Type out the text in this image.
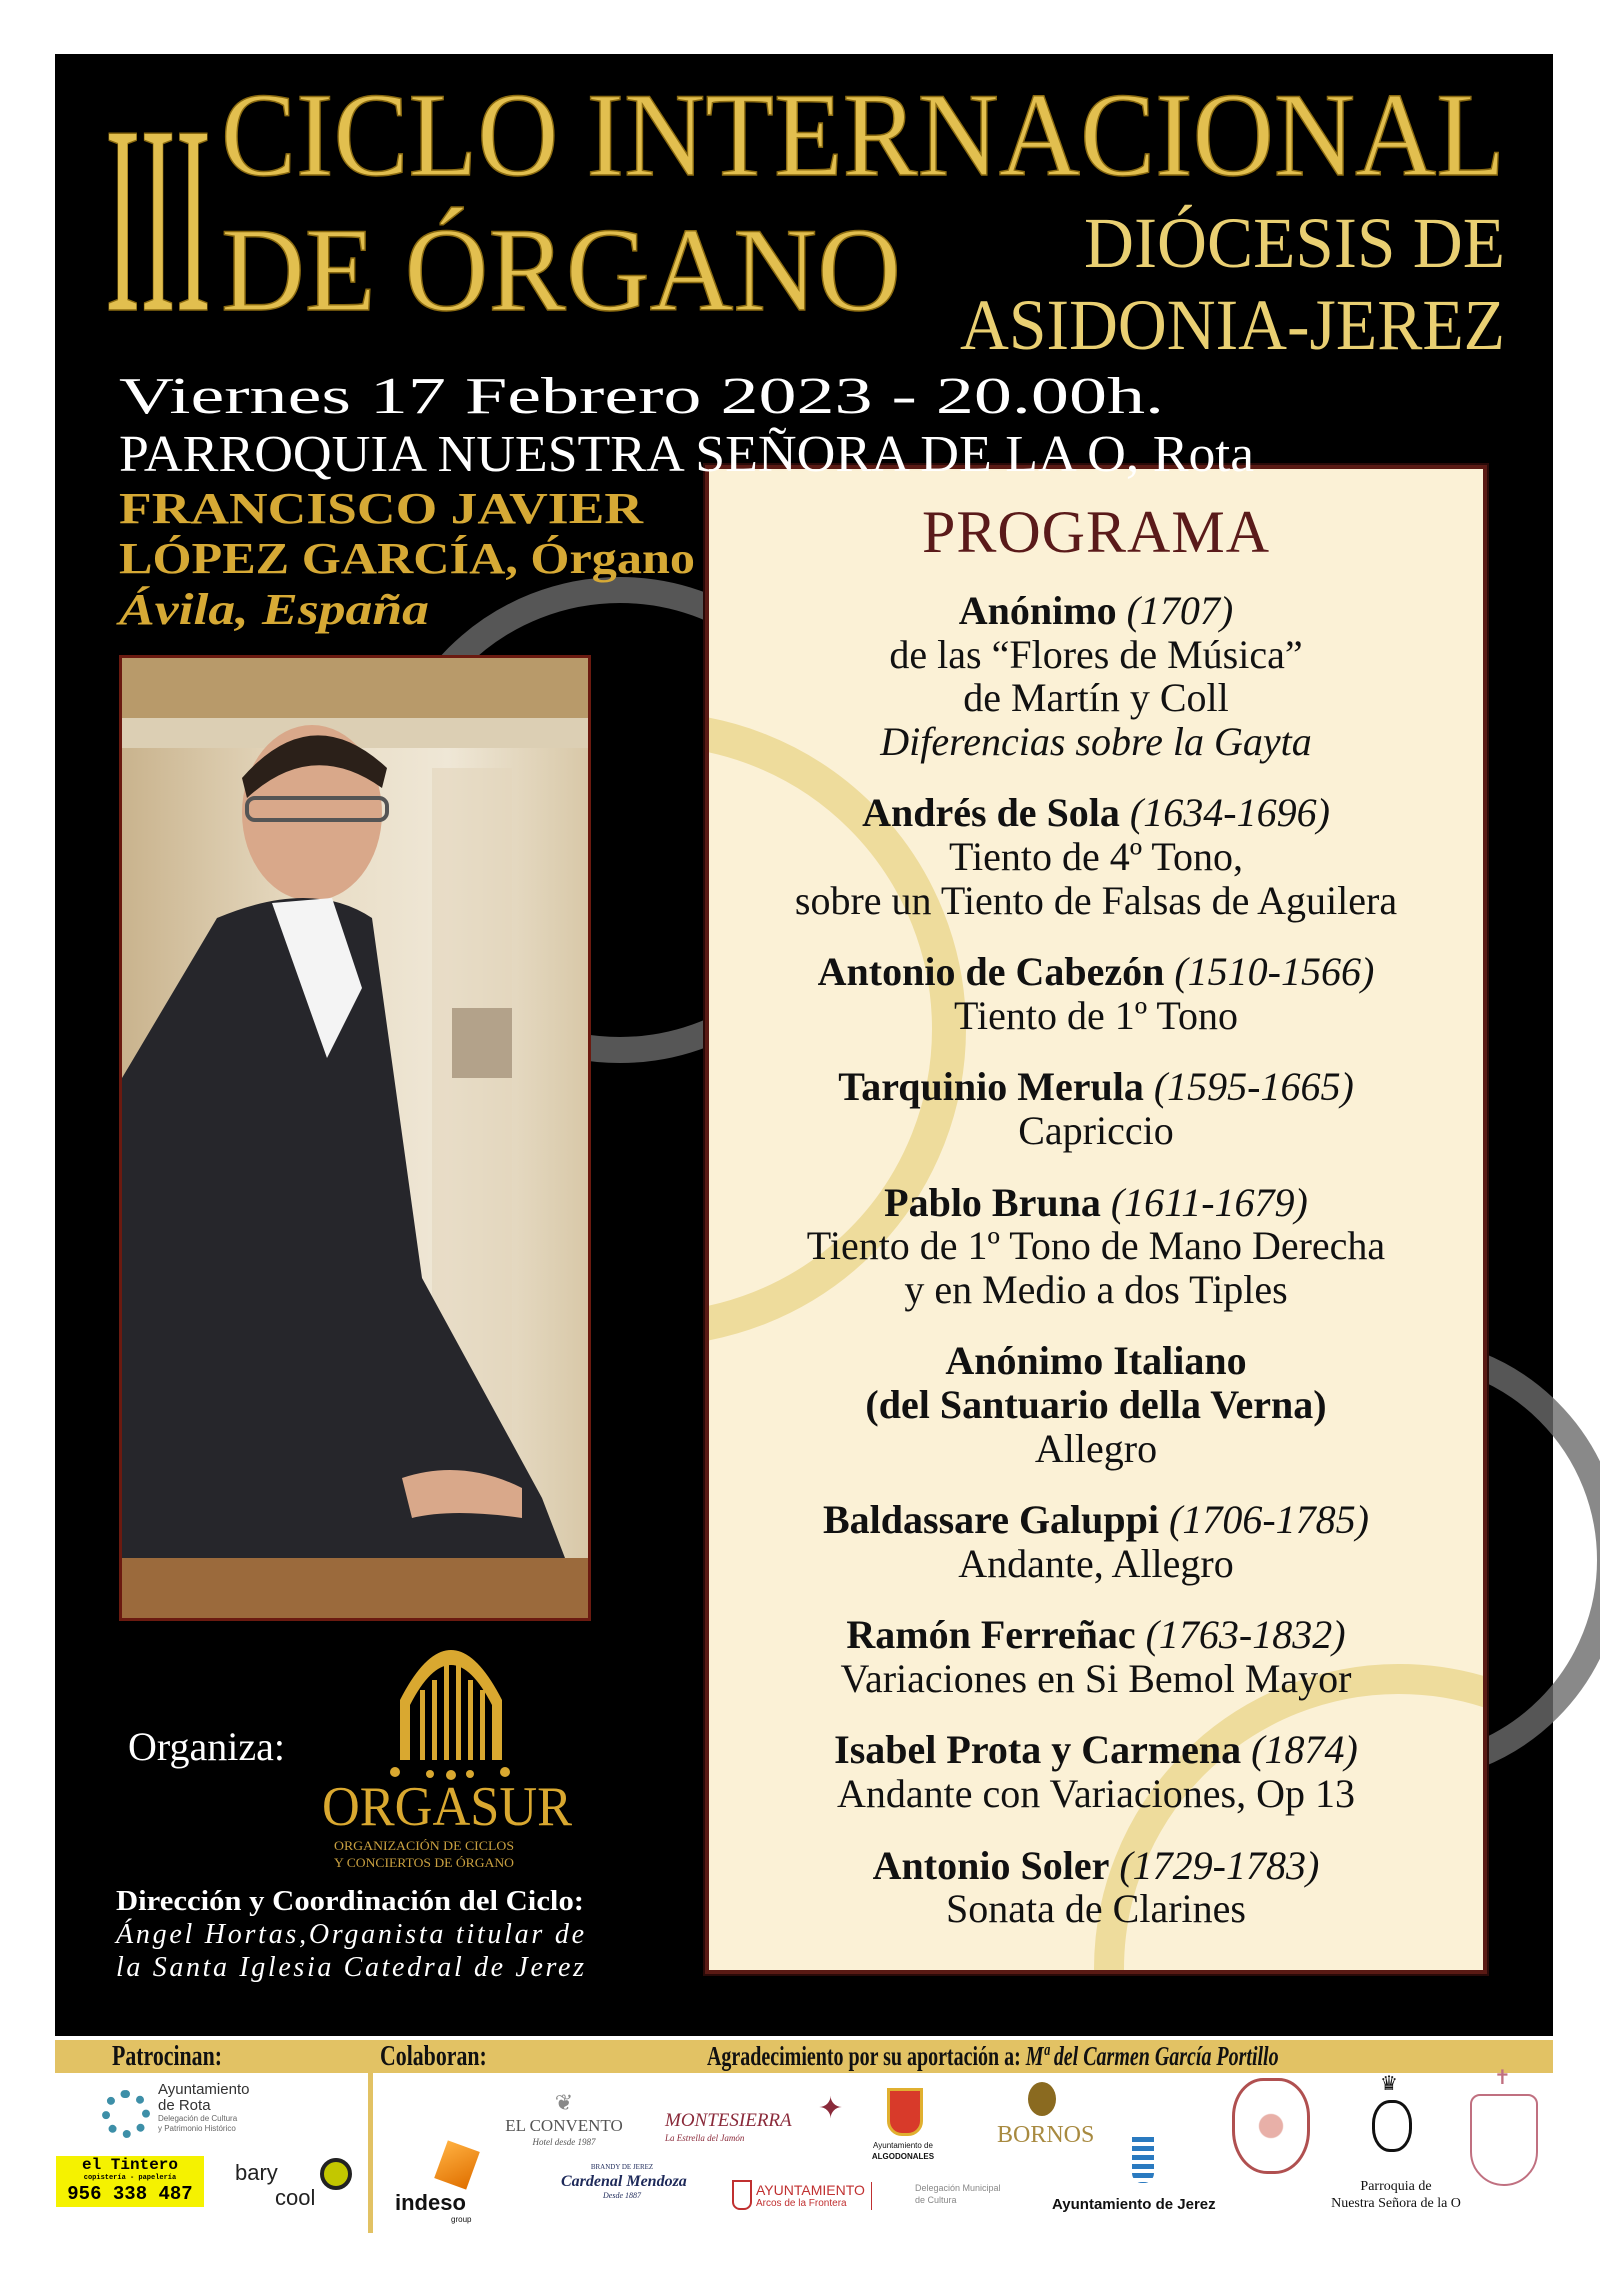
PROGRAMA
Anónimo (1707)
de las “Flores de Música”
de Martín y Coll
Diferencias sobre la Gayta
Andrés de Sola (1634-1696)
Tiento de 4º Tono,
sobre un Tiento de Falsas de Aguilera
Antonio de Cabezón (1510-1566)
Tiento de 1º Tono
Tarquinio Merula (1595-1665)
Capriccio
Pablo Bruna (1611-1679)
Tiento de 1º Tono de Mano Derecha
y en Medio a dos Tiples
Anónimo Italiano
(del Santuario della Verna)
Allegro
Baldassare Galuppi (1706-1785)
Andante, Allegro
Ramón Ferreñac (1763-1832)
Variaciones en Si Bemol Mayor
Isabel Prota y Carmena (1874)
Andante con Variaciones, Op 13
Antonio Soler (1729-1783)
Sonata de Clarines
III CICLO INTERNACIONAL
DE ÓRGANO	DIÓCESIS DE
ASIDONIA-JEREZ
Viernes 17 Febrero 2023 - 20.00h.
PARROQUIA NUESTRA SEÑORA DE LA O, Rota
FRANCISCO JAVIER
LÓPEZ GARCÍA, Órgano
Ávila, España
Organiza:
ORGASUR
ORGANIZACIÓN DE CICLOS
Y CONCIERTOS DE ÓRGANO
Dirección y Coordinación del Ciclo:
Ángel Hortas,Organista titular de
la Santa Iglesia Catedral de Jerez
Patrocinan:	Colaboran:	Agradecimiento por su aportación a: Mª del Carmen García Portillo
Ayuntamiento
de Rota
Delegación de Cultura
y Patrimonio Histórico
el Tintero
copistería - papelería
956 338 487
bary
cool
❦
EL CONVENTO
Hotel desde 1987
MONTESIERRA
La Estrella del Jamón
✦
Ayuntamiento de
ALGODONALES
BORNOS
indeso
group
BRANDY DE JEREZ
Cardenal Mendoza
Desde 1887	AYUNTAMIENTO
Arcos de la Frontera
Delegación Municipal
de Cultura	Ayuntamiento de Jerez
♛
Parroquia de
Nuestra Señora de la O
✝
